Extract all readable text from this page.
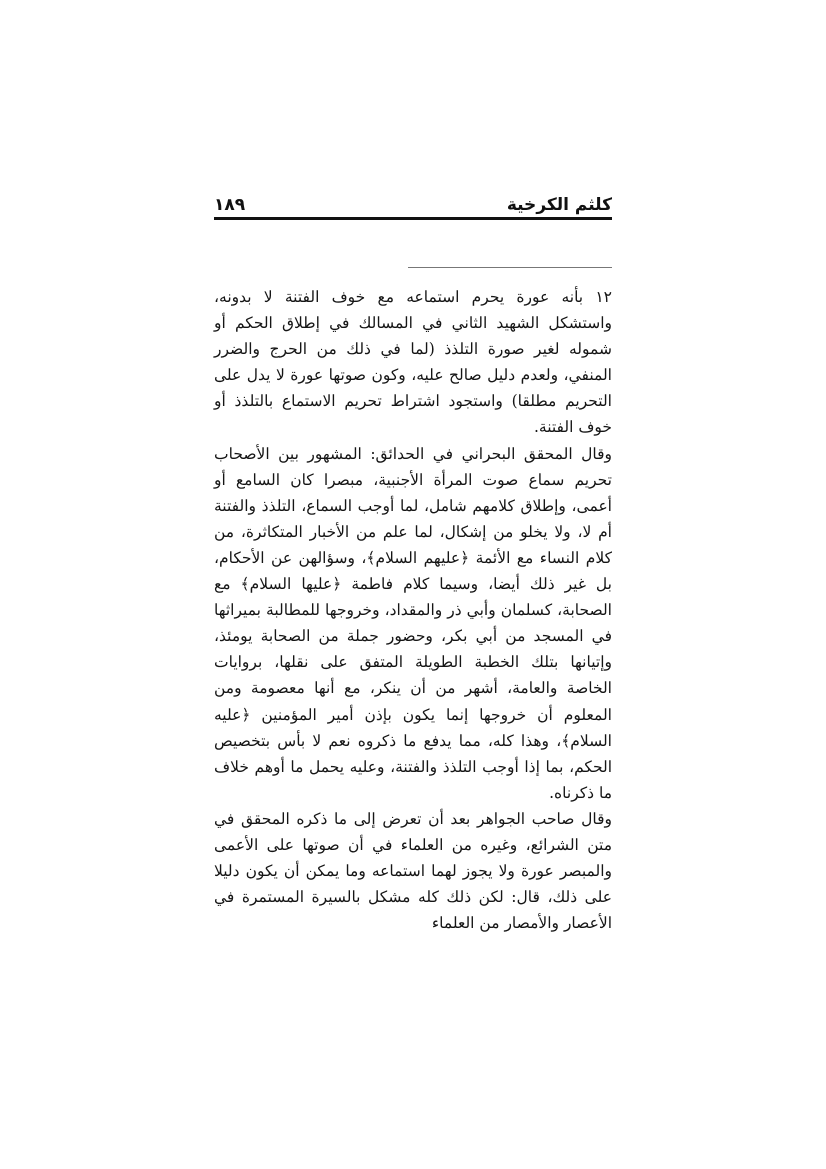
كلثم الكرخية
١٨٩

١٢ بأنه عورة يحرم استماعه مع خوف الفتنة لا بدونه، واستشكل الشهيد الثاني في المسالك في إطلاق الحكم أو شموله لغير صورة التلذذ (لما في ذلك من الحرج والضرر المنفي، ولعدم دليل صالح عليه، وكون صوتها عورة لا يدل على التحريم مطلقا) واستجود اشتراط تحريم الاستماع بالتلذذ أو خوف الفتنة.

وقال المحقق البحراني في الحدائق: المشهور بين الأصحاب تحريم سماع صوت المرأة الأجنبية، مبصرا كان السامع أو أعمى، وإطلاق كلامهم شامل، لما أوجب السماع، التلذذ والفتنة أم لا، ولا يخلو من إشكال، لما علم من الأخبار المتكاثرة، من كلام النساء مع الأئمة ﴿عليهم السلام﴾، وسؤالهن عن الأحكام، بل غير ذلك أيضا، وسيما كلام فاطمة ﴿عليها السلام﴾ مع الصحابة، كسلمان وأبي ذر والمقداد، وخروجها للمطالبة بميراثها في المسجد من أبي بكر، وحضور جملة من الصحابة يومئذ، وإتيانها بتلك الخطبة الطويلة المتفق على نقلها، بروايات الخاصة والعامة، أشهر من أن ينكر، مع أنها معصومة ومن المعلوم أن خروجها إنما يكون بإذن أمير المؤمنين ﴿عليه السلام﴾، وهذا كله، مما يدفع ما ذكروه نعم لا بأس بتخصيص الحكم، بما إذا أوجب التلذذ والفتنة، وعليه يحمل ما أوهم خلاف ما ذكرناه.

وقال صاحب الجواهر بعد أن تعرض إلى ما ذكره المحقق في متن الشرائع، وغيره من العلماء في أن صوتها على الأعمى والمبصر عورة ولا يجوز لهما استماعه وما يمكن أن يكون دليلا على ذلك، قال: لكن ذلك كله مشكل بالسيرة المستمرة في الأعصار والأمصار من العلماء
